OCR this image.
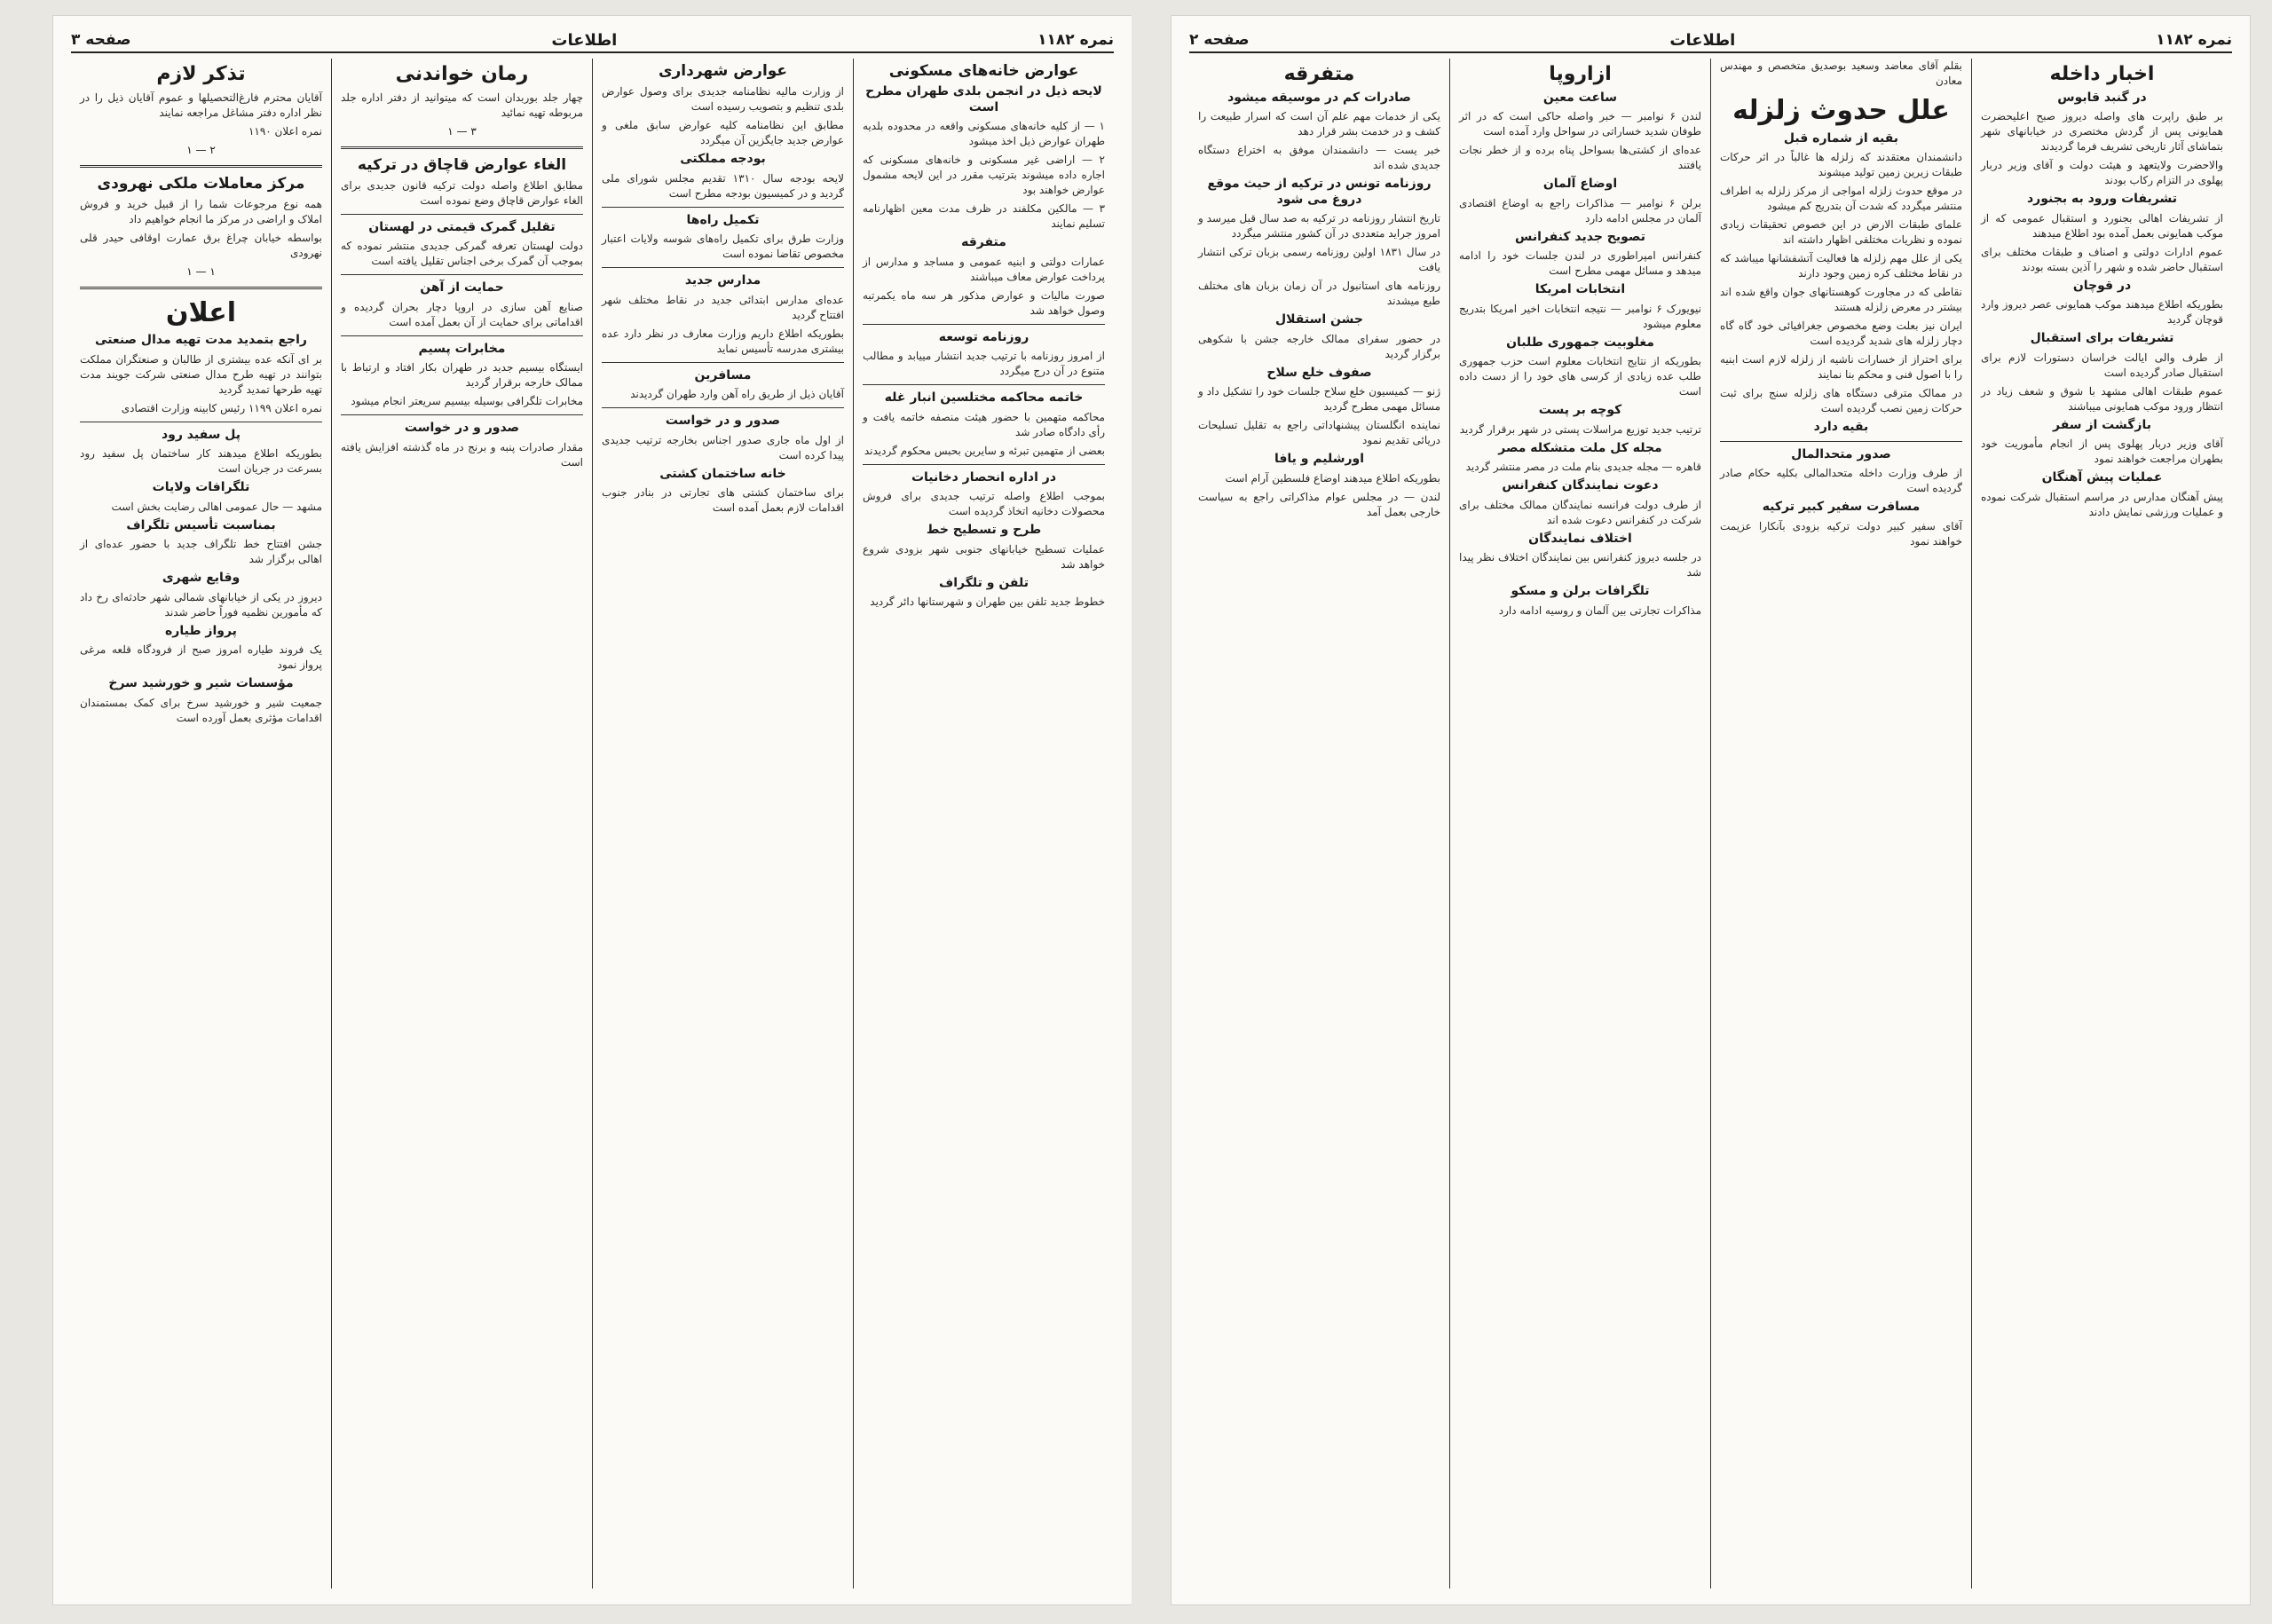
نمره ۱۱۸۲
اطلاعات
صفحه ۳
عوارض خانه‌های مسکونی
لایحه ذیل در انجمن بلدی طهران مطرح است

۱ — از کلیه خانه‌های مسکونی واقعه در محدوده بلدیه طهران عوارض ذیل اخذ میشود

۲ — اراضی غیر مسکونی و خانه‌های مسکونی که اجاره داده میشوند بترتیب مقرر در این لایحه مشمول عوارض خواهند بود

۳ — مالکین مکلفند در ظرف مدت معین اظهارنامه تسلیم نمایند

متفرقه

عمارات دولتی و ابنیه عمومی و مساجد و مدارس از پرداخت عوارض معاف میباشند

صورت مالیات و عوارض مذکور هر سه ماه یکمرتبه وصول خواهد شد

روزنامه توسعه

از امروز روزنامه با ترتیب جدید انتشار مییابد و مطالب متنوع در آن درج میگردد

خاتمه محاکمه مختلسین انبار غله

محاکمه متهمین با حضور هیئت منصفه خاتمه یافت و رأی دادگاه صادر شد

بعضی از متهمین تبرئه و سایرین بحبس محکوم گردیدند

در اداره انحصار دخانیات

بموجب اطلاع واصله ترتیب جدیدی برای فروش محصولات دخانیه اتخاذ گردیده است

طرح و تسطیح خط

عملیات تسطیح خیابانهای جنوبی شهر بزودی شروع خواهد شد

تلفن و تلگراف

خطوط جدید تلفن بین طهران و شهرستانها دائر گردید

عوارض شهرداری

از وزارت مالیه نظامنامه جدیدی برای وصول عوارض بلدی تنظیم و بتصویب رسیده است

مطابق این نظامنامه کلیه عوارض سابق ملغی و عوارض جدید جایگزین آن میگردد

بودجه مملکتی

لایحه بودجه سال ۱۳۱۰ تقدیم مجلس شورای ملی گردید و در کمیسیون بودجه مطرح است

تکمیل راه‌ها

وزارت طرق برای تکمیل راه‌های شوسه ولایات اعتبار مخصوص تقاضا نموده است

مدارس جدید

عده‌ای مدارس ابتدائی جدید در نقاط مختلف شهر افتتاح گردید

بطوریکه اطلاع داریم وزارت معارف در نظر دارد عده بیشتری مدرسه تأسیس نماید

مسافرین

آقایان ذیل از طریق راه آهن وارد طهران گردیدند

صدور و در خواست

از اول ماه جاری صدور اجناس بخارجه ترتیب جدیدی پیدا کرده است

خانه ساختمان کشتی

برای ساختمان کشتی های تجارتی در بنادر جنوب اقدامات لازم بعمل آمده است

رمان خواندنی

چهار جلد بوربدان است که میتوانید از دفتر اداره جلد مربوطه تهیه نمائید

۳ — ۱
الغاء عوارض قاچاق در ترکیه

مطابق اطلاع واصله دولت ترکیه قانون جدیدی برای الغاء عوارض قاچاق وضع نموده است

تقلیل گمرک قیمتی در لهستان

دولت لهستان تعرفه گمرکی جدیدی منتشر نموده که بموجب آن گمرک برخی اجناس تقلیل یافته است

حمایت از آهن

صنایع آهن سازی در اروپا دچار بحران گردیده و اقداماتی برای حمایت از آن بعمل آمده است

مخابرات پسیم

ایستگاه بیسیم جدید در طهران بکار افتاد و ارتباط با ممالک خارجه برقرار گردید

مخابرات تلگرافی بوسیله بیسیم سریعتر انجام میشود

صدور و در خواست

مقدار صادرات پنبه و برنج در ماه گذشته افزایش یافته است

تذکر لازم

آقایان محترم فارغ‌التحصیلها و عموم آقایان ذیل را در نظر اداره دفتر مشاغل مراجعه نمایند

نمره اعلان ۱۱۹۰

۲ — ۱
مرکز معاملات ملکی نهرودی

همه نوع مرجوعات شما را از قبیل خرید و فروش املاک و اراضی در مرکز ما انجام خواهیم داد

بواسطه خیابان چراغ برق عمارت اوقافی حیدر قلی نهرودی

۱ — ۱
اعلان
راجع بتمدید مدت تهیه مدال صنعتی

بر ای آنکه عده بیشتری از طالبان و صنعتگران مملکت بتوانند در تهیه طرح مدال صنعتی شرکت جویند مدت تهیه طرحها تمدید گردید

نمره اعلان ۱۱۹۹ رئیس کابینه وزارت اقتصادی

پل سفید رود

بطوریکه اطلاع میدهند کار ساختمان پل سفید رود بسرعت در جریان است

تلگرافات ولایات

مشهد — حال عمومی اهالی رضایت بخش است

بمناسبت تأسیس تلگراف

جشن افتتاح خط تلگراف جدید با حضور عده‌ای از اهالی برگزار شد

وقایع شهری

دیروز در یکی از خیابانهای شمالی شهر حادثه‌ای رخ داد که مأمورین نظمیه فوراً حاضر شدند

پرواز طیاره

یک فروند طیاره امروز صبح از فرودگاه قلعه مرغی پرواز نمود

مؤسسات شیر و خورشید سرخ

جمعیت شیر و خورشید سرخ برای کمک بمستمندان اقدامات مؤثری بعمل آورده است

نمره ۱۱۸۲
اطلاعات
صفحه ۲
اخبار داخله
در گنبد قابوس

بر طبق راپرت های واصله دیروز صبح اعلیحضرت همایونی پس از گردش مختصری در خیابانهای شهر بتماشای آثار تاریخی تشریف فرما گردیدند

والاحضرت ولایتعهد و هیئت دولت و آقای وزیر دربار پهلوی در التزام رکاب بودند

تشریفات ورود به بجنورد

از تشریفات اهالی بجنورد و استقبال عمومی که از موکب همایونی بعمل آمده بود اطلاع میدهند

عموم ادارات دولتی و اصناف و طبقات مختلف برای استقبال حاضر شده و شهر را آذین بسته بودند

در قوچان

بطوریکه اطلاع میدهند موکب همایونی عصر دیروز وارد قوچان گردید

تشریفات برای استقبال

از طرف والی ایالت خراسان دستورات لازم برای استقبال صادر گردیده است

عموم طبقات اهالی مشهد با شوق و شعف زیاد در انتظار ورود موکب همایونی میباشند

بازگشت از سفر

آقای وزیر دربار پهلوی پس از انجام مأموریت خود بطهران مراجعت خواهند نمود

عملیات پیش آهنگان

پیش آهنگان مدارس در مراسم استقبال شرکت نموده و عملیات ورزشی نمایش دادند

بقلم آقای معاضد وسعید بوصدیق متخصص و مهندس معادن

علل حدوث زلزله
بقیه از شماره قبل

دانشمندان معتقدند که زلزله ها غالباً در اثر حرکات طبقات زیرین زمین تولید میشوند

در موقع حدوث زلزله امواجی از مرکز زلزله به اطراف منتشر میگردد که شدت آن بتدریج کم میشود

علمای طبقات الارض در این خصوص تحقیقات زیادی نموده و نظریات مختلفی اظهار داشته اند

یکی از علل مهم زلزله ها فعالیت آتشفشانها میباشد که در نقاط مختلف کره زمین وجود دارند

نقاطی که در مجاورت کوهستانهای جوان واقع شده اند بیشتر در معرض زلزله هستند

ایران نیز بعلت وضع مخصوص جغرافیائی خود گاه گاه دچار زلزله های شدید گردیده است

برای احتراز از خسارات ناشیه از زلزله لازم است ابنیه را با اصول فنی و محکم بنا نمایند

در ممالک مترقی دستگاه های زلزله سنج برای ثبت حرکات زمین نصب گردیده است

بقیه دارد
صدور متحدالمال

از طرف وزارت داخله متحدالمالی بکلیه حکام صادر گردیده است

مسافرت سفیر کبیر ترکیه

آقای سفیر کبیر دولت ترکیه بزودی بآنکارا عزیمت خواهند نمود

ازاروپا
ساعت معین

لندن ۶ نوامبر — خبر واصله حاکی است که در اثر طوفان شدید خساراتی در سواحل وارد آمده است

عده‌ای از کشتی‌ها بسواحل پناه برده و از خطر نجات یافتند

اوضاع آلمان

برلن ۶ نوامبر — مذاکرات راجع به اوضاع اقتصادی آلمان در مجلس ادامه دارد

تصویح جدید کنفرانس

کنفرانس امپراطوری در لندن جلسات خود را ادامه میدهد و مسائل مهمی مطرح است

انتخابات امریکا

نیویورک ۶ نوامبر — نتیجه انتخابات اخیر امریکا بتدریج معلوم میشود

مغلوبیت جمهوری طلبان

بطوریکه از نتایج انتخابات معلوم است حزب جمهوری طلب عده زیادی از کرسی های خود را از دست داده است

کوچه بر پست

ترتیب جدید توزیع مراسلات پستی در شهر برقرار گردید

مجله کل ملت متشکله مصر

قاهره — مجله جدیدی بنام ملت در مصر منتشر گردید

دعوت نمایندگان کنفرانس

از طرف دولت فرانسه نمایندگان ممالک مختلف برای شرکت در کنفرانس دعوت شده اند

اختلاف نمایندگان

در جلسه دیروز کنفرانس بین نمایندگان اختلاف نظر پیدا شد

تلگرافات برلن و مسکو

مذاکرات تجارتی بین آلمان و روسیه ادامه دارد

متفرقه
صادرات کم در موسیقه میشود

یکی از خدمات مهم علم آن است که اسرار طبیعت را کشف و در خدمت بشر قرار دهد

خبر یست — دانشمندان موفق به اختراع دستگاه جدیدی شده اند

روزنامه تونس در ترکیه از حیث موقع دروغ می شود

تاریخ انتشار روزنامه در ترکیه به صد سال قبل میرسد و امروز جراید متعددی در آن کشور منتشر میگردد

در سال ۱۸۳۱ اولین روزنامه رسمی بزبان ترکی انتشار یافت

روزنامه های استانبول در آن زمان بزبان های مختلف طبع میشدند

جشن استقلال

در حضور سفرای ممالک خارجه جشن با شکوهی برگزار گردید

صفوف خلع سلاح

ژنو — کمیسیون خلع سلاح جلسات خود را تشکیل داد و مسائل مهمی مطرح گردید

نماینده انگلستان پیشنهاداتی راجع به تقلیل تسلیحات دریائی تقدیم نمود

اورشلیم و یافا

بطوریکه اطلاع میدهند اوضاع فلسطین آرام است

لندن — در مجلس عوام مذاکراتی راجع به سیاست خارجی بعمل آمد
